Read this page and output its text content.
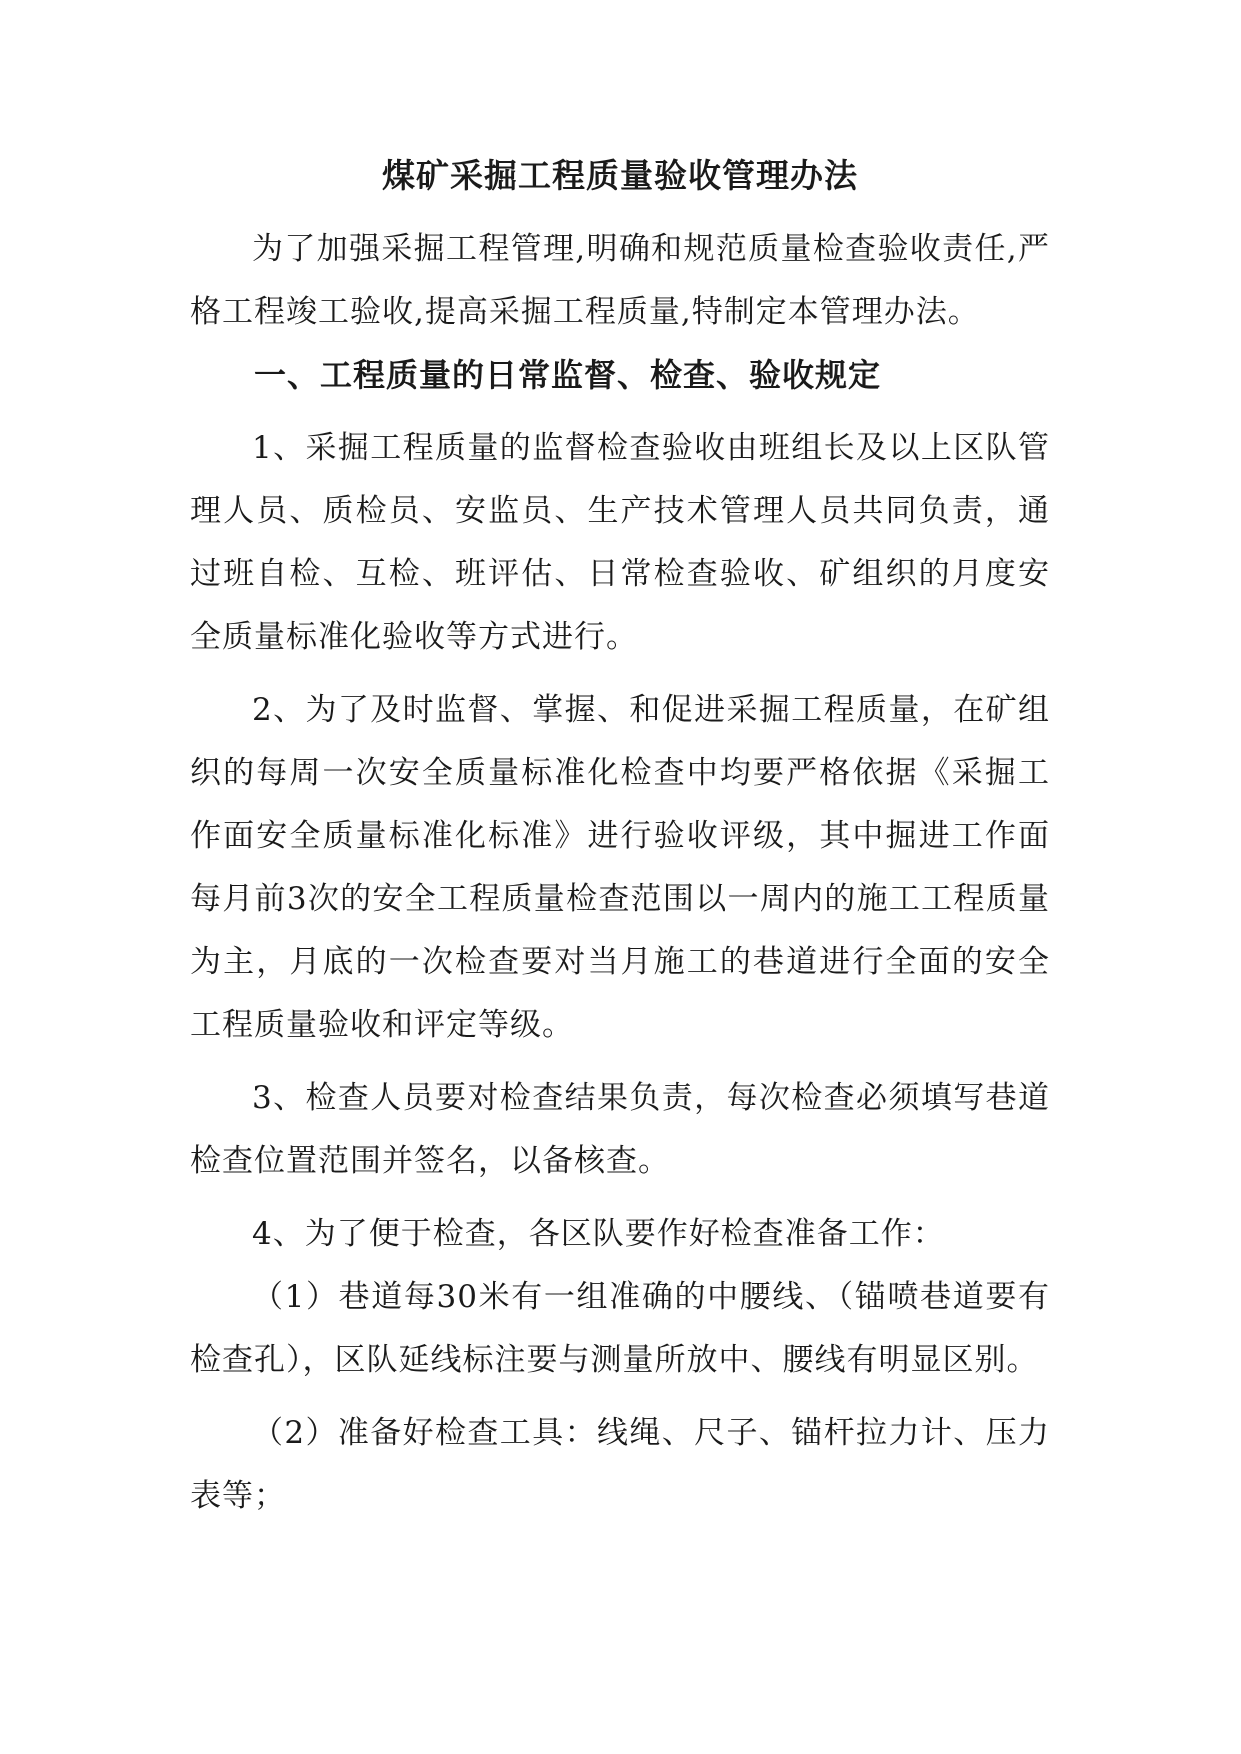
煤矿采掘工程质量验收管理办法

为了加强采掘工程管理,明确和规范质量检查验收责任,严格工程竣工验收,提高采掘工程质量,特制定本管理办法。

一、工程质量的日常监督、检查、验收规定

1、采掘工程质量的监督检查验收由班组长及以上区队管理人员、质检员、安监员、生产技术管理人员共同负责，通过班自检、互检、班评估、日常检查验收、矿组织的月度安全质量标准化验收等方式进行。

2、为了及时监督、掌握、和促进采掘工程质量，在矿组织的每周一次安全质量标准化检查中均要严格依据《采掘工作面安全质量标准化标准》进行验收评级，其中掘进工作面每月前3次的安全工程质量检查范围以一周内的施工工程质量为主，月底的一次检查要对当月施工的巷道进行全面的安全工程质量验收和评定等级。

3、检查人员要对检查结果负责，每次检查必须填写巷道检查位置范围并签名，以备核查。

4、为了便于检查，各区队要作好检查准备工作：

（1）巷道每30米有一组准确的中腰线、（锚喷巷道要有检查孔），区队延线标注要与测量所放中、腰线有明显区别。

（2）准备好检查工具：线绳、尺子、锚杆拉力计、压力表等；
